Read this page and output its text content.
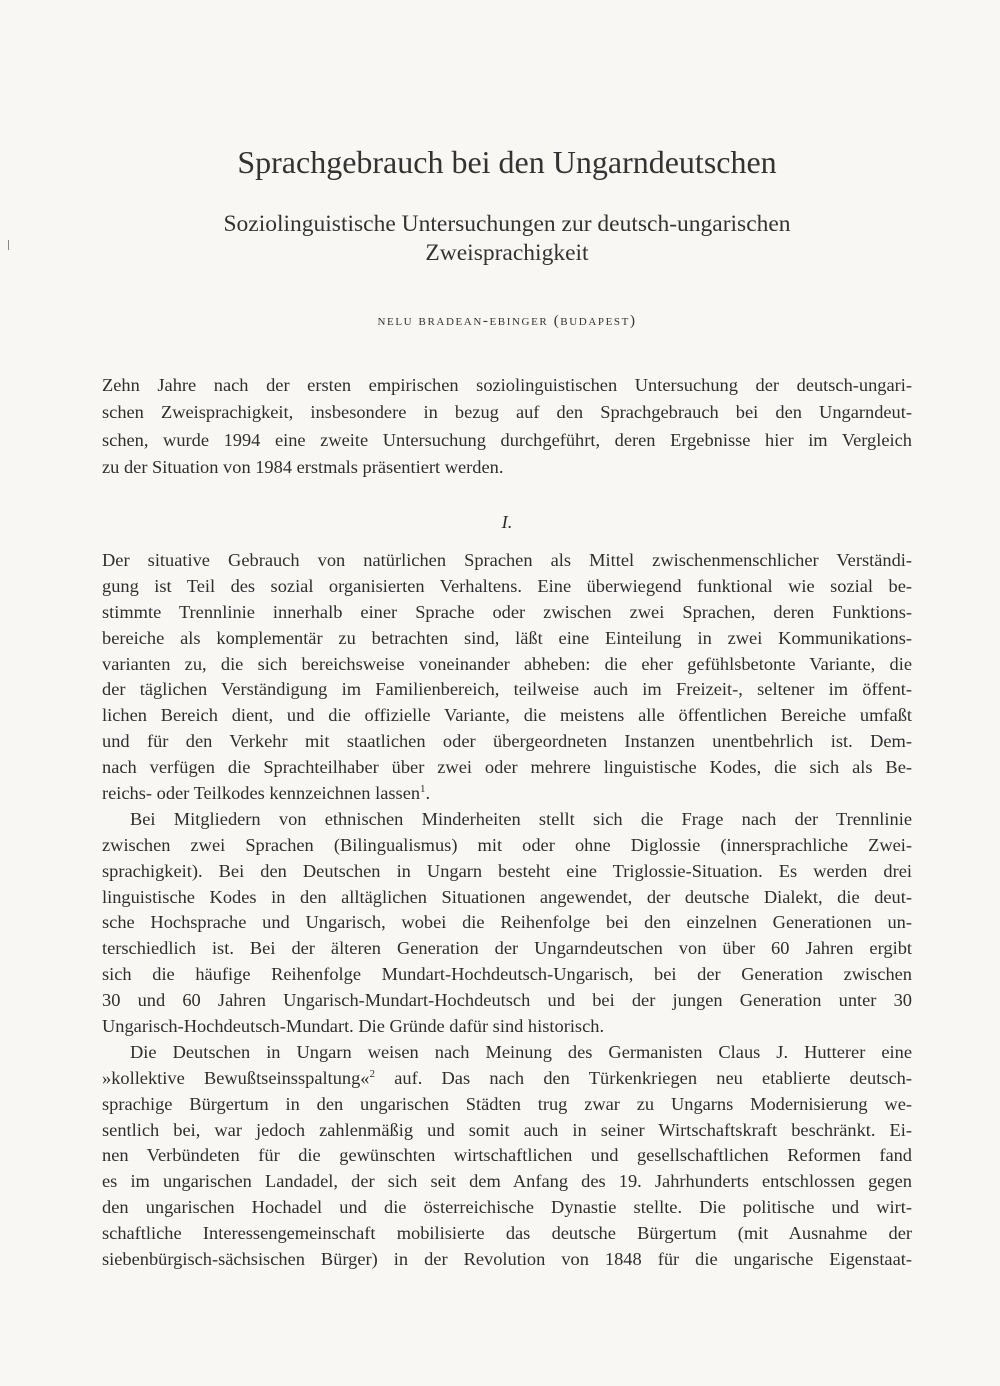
Sprachgebrauch bei den Ungarndeutschen
Soziolinguistische Untersuchungen zur deutsch-ungarischen
Zweisprachigkeit
nelu bradean-ebinger (budapest)
Zehn Jahre nach der ersten empirischen soziolinguistischen Untersuchung der deutsch-ungari-
schen Zweisprachigkeit, insbesondere in bezug auf den Sprachgebrauch bei den Ungarndeut-
schen, wurde 1994 eine zweite Untersuchung durchgeführt, deren Ergebnisse hier im Vergleich
zu der Situation von 1984 erstmals präsentiert werden.
I.
Der situative Gebrauch von natürlichen Sprachen als Mittel zwischenmenschlicher Verständi-
gung ist Teil des sozial organisierten Verhaltens. Eine überwiegend funktional wie sozial be-
stimmte Trennlinie innerhalb einer Sprache oder zwischen zwei Sprachen, deren Funktions-
bereiche als komplementär zu betrachten sind, läßt eine Einteilung in zwei Kommunikations-
varianten zu, die sich bereichsweise voneinander abheben: die eher gefühlsbetonte Variante, die
der täglichen Verständigung im Familienbereich, teilweise auch im Freizeit-, seltener im öffent-
lichen Bereich dient, und die offizielle Variante, die meistens alle öffentlichen Bereiche umfaßt
und für den Verkehr mit staatlichen oder übergeordneten Instanzen unentbehrlich ist. Dem-
nach verfügen die Sprachteilhaber über zwei oder mehrere linguistische Kodes, die sich als Be-
reichs- oder Teilkodes kennzeichnen lassen$^1$.
Bei Mitgliedern von ethnischen Minderheiten stellt sich die Frage nach der Trennlinie
zwischen zwei Sprachen (Bilingualismus) mit oder ohne Diglossie (innersprachliche Zwei-
sprachigkeit). Bei den Deutschen in Ungarn besteht eine Triglossie-Situation. Es werden drei
linguistische Kodes in den alltäglichen Situationen angewendet, der deutsche Dialekt, die deut-
sche Hochsprache und Ungarisch, wobei die Reihenfolge bei den einzelnen Generationen un-
terschiedlich ist. Bei der älteren Generation der Ungarndeutschen von über 60 Jahren ergibt
sich die häufige Reihenfolge Mundart-Hochdeutsch-Ungarisch, bei der Generation zwischen
30 und 60 Jahren Ungarisch-Mundart-Hochdeutsch und bei der jungen Generation unter 30
Ungarisch-Hochdeutsch-Mundart. Die Gründe dafür sind historisch.
Die Deutschen in Ungarn weisen nach Meinung des Germanisten Claus J. Hutterer eine
»kollektive Bewußtseinsspaltung«$^2$ auf. Das nach den Türkenkriegen neu etablierte deutsch-
sprachige Bürgertum in den ungarischen Städten trug zwar zu Ungarns Modernisierung we-
sentlich bei, war jedoch zahlenmäßig und somit auch in seiner Wirtschaftskraft beschränkt. Ei-
nen Verbündeten für die gewünschten wirtschaftlichen und gesellschaftlichen Reformen fand
es im ungarischen Landadel, der sich seit dem Anfang des 19. Jahrhunderts entschlossen gegen
den ungarischen Hochadel und die österreichische Dynastie stellte. Die politische und wirt-
schaftliche Interessengemeinschaft mobilisierte das deutsche Bürgertum (mit Ausnahme der
siebenbürgisch-sächsischen Bürger) in der Revolution von 1848 für die ungarische Eigenstaat-
